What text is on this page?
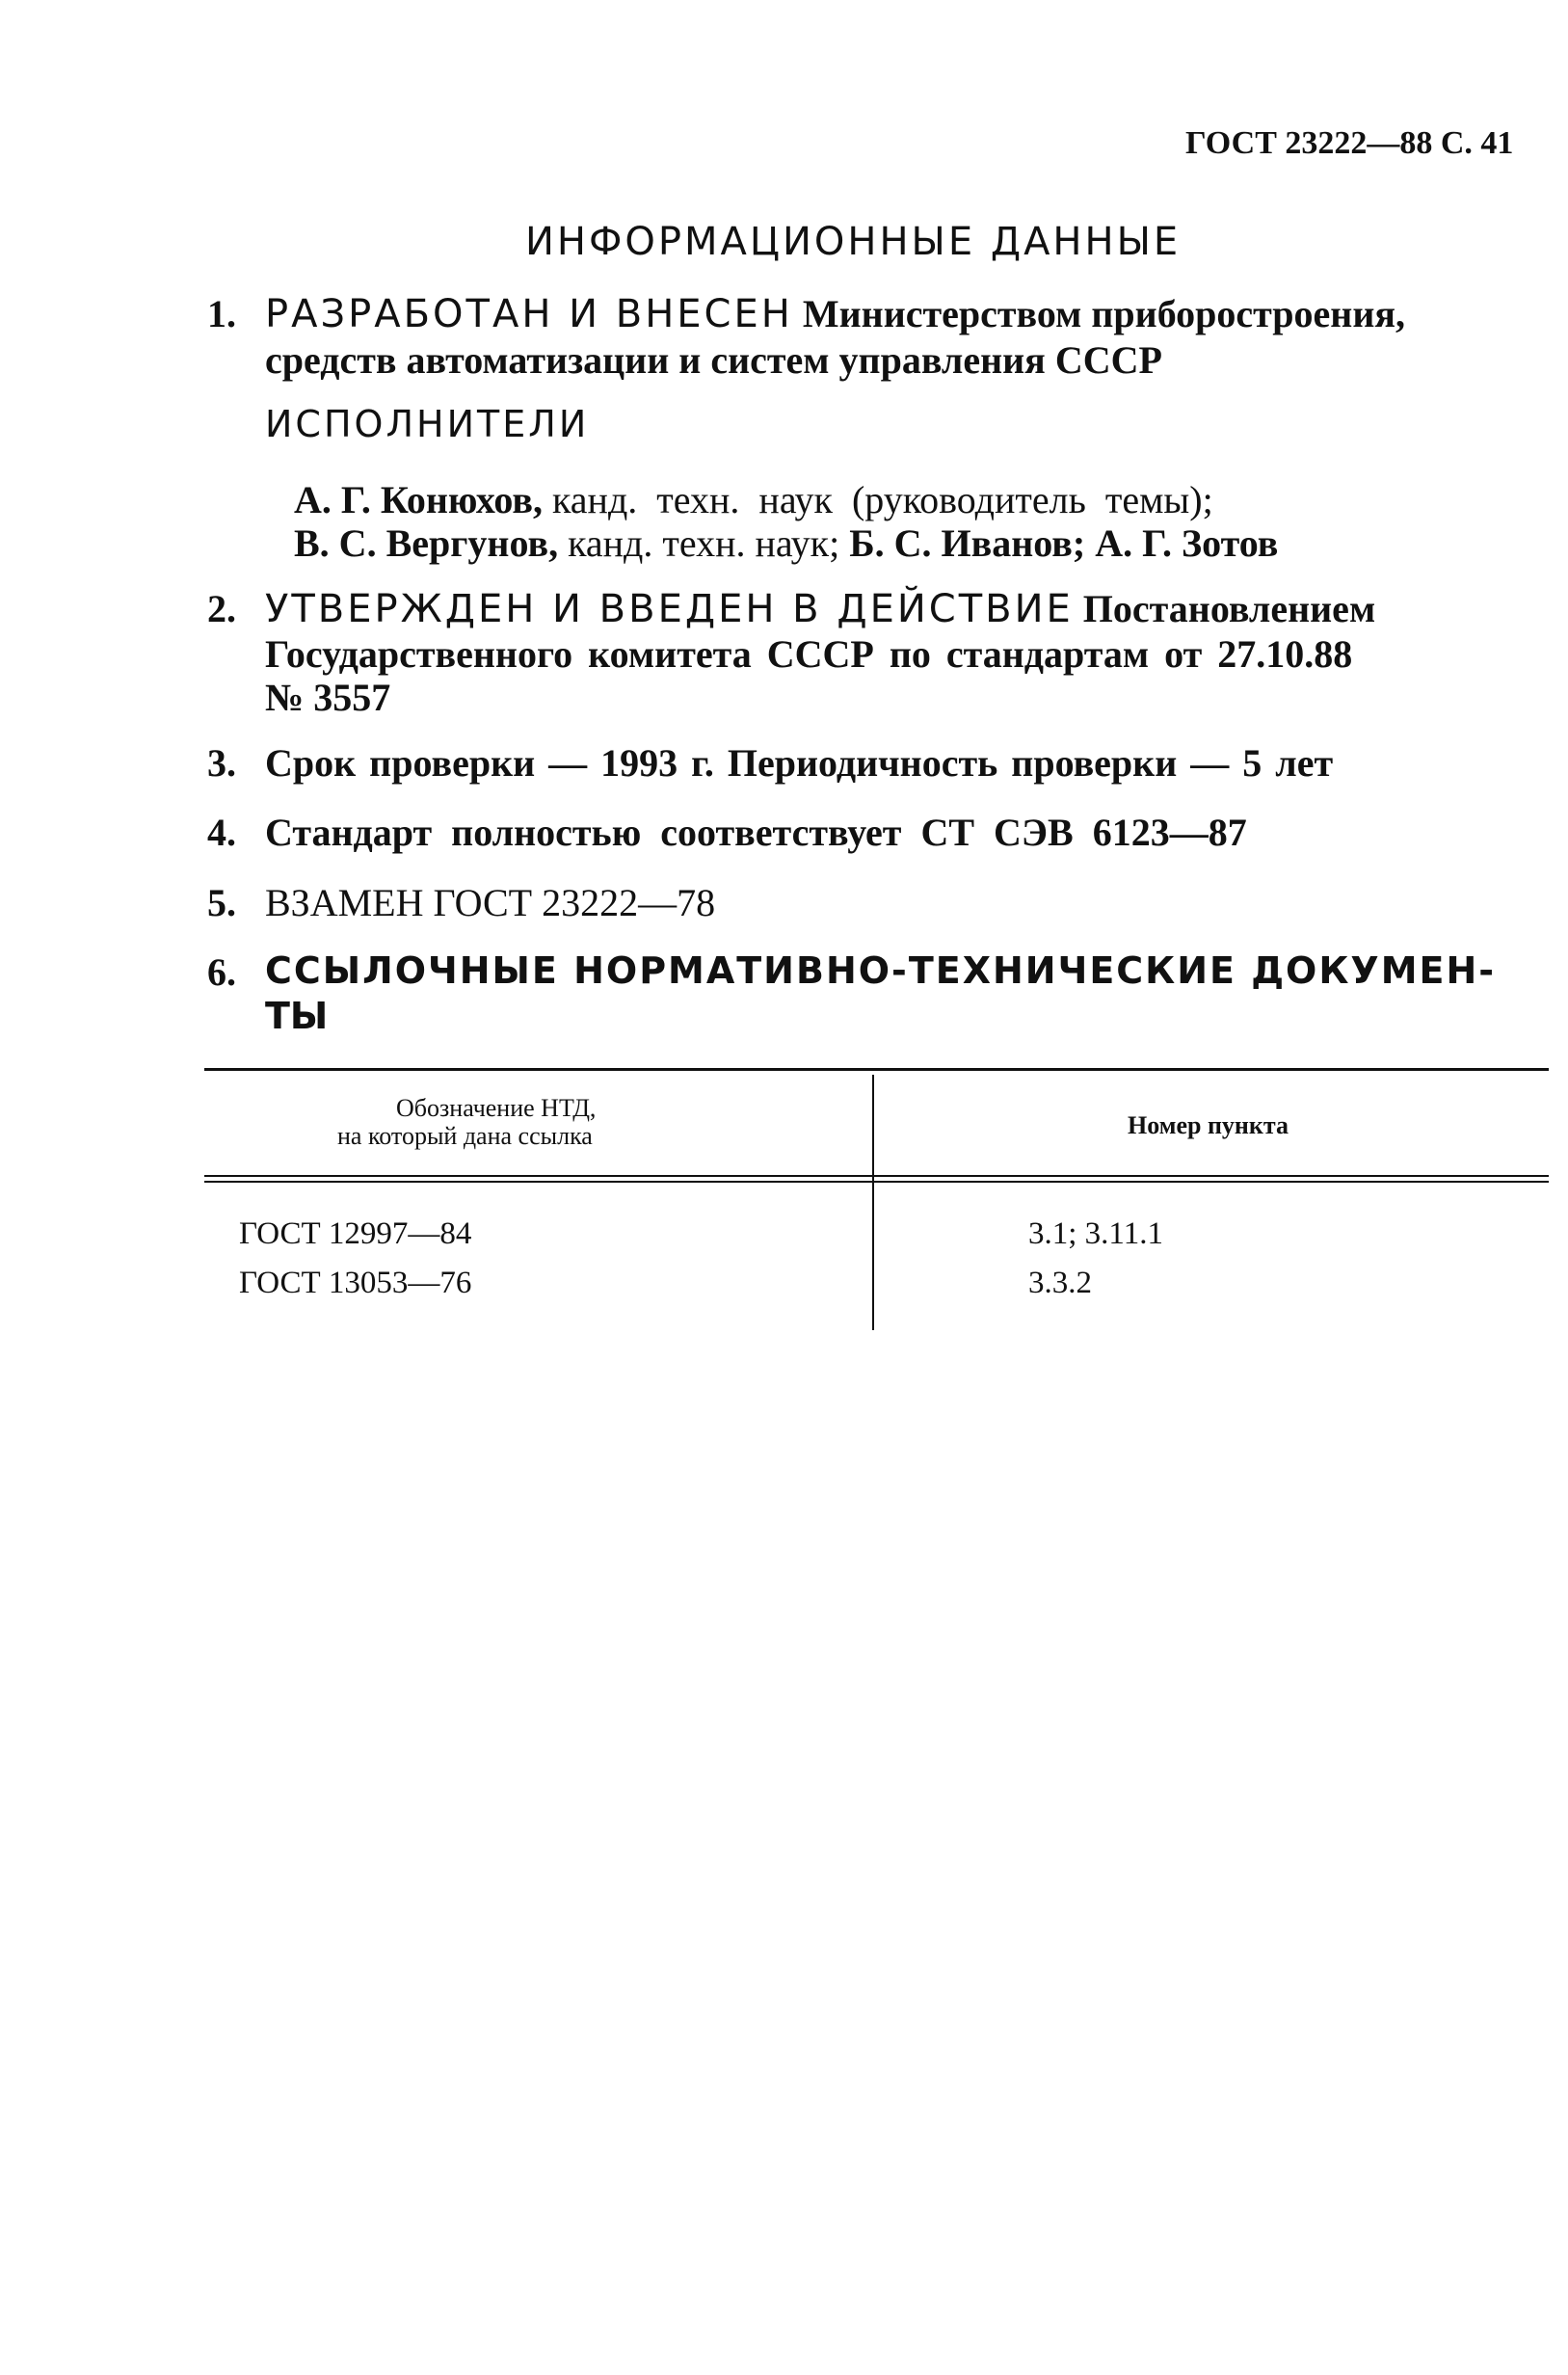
ГОСТ 23222—88 С. 41

ИНФОРМАЦИОННЫЕ ДАННЫЕ

1. РАЗРАБОТАН И ВНЕСЕН Министерством приборостроения,

средств автоматизации и систем управления СССР

ИСПОЛНИТЕЛИ

А. Г. Конюхов, канд. техн. наук (руководитель темы);

В. С. Вергунов, канд. техн. наук; Б. С. Иванов; А. Г. Зотов

2. УТВЕРЖДЕН И ВВЕДЕН В ДЕЙСТВИЕ Постановлением

Государственного комитета СССР по стандартам от 27.10.88

№ 3557

3. Срок проверки — 1993 г. Периодичность проверки — 5 лет

4. Стандарт полностью соответствует СТ СЭВ 6123—87

5. ВЗАМЕН ГОСТ 23222—78

6. ССЫЛОЧНЫЕ НОРМАТИВНО-ТЕХНИЧЕСКИЕ ДОКУМЕН-

ТЫ

Обозначение НТД,

на который дана ссылка	Номер пункта

ГОСТ 12997—84	3.1; 3.11.1

ГОСТ 13053—76	3.3.2
